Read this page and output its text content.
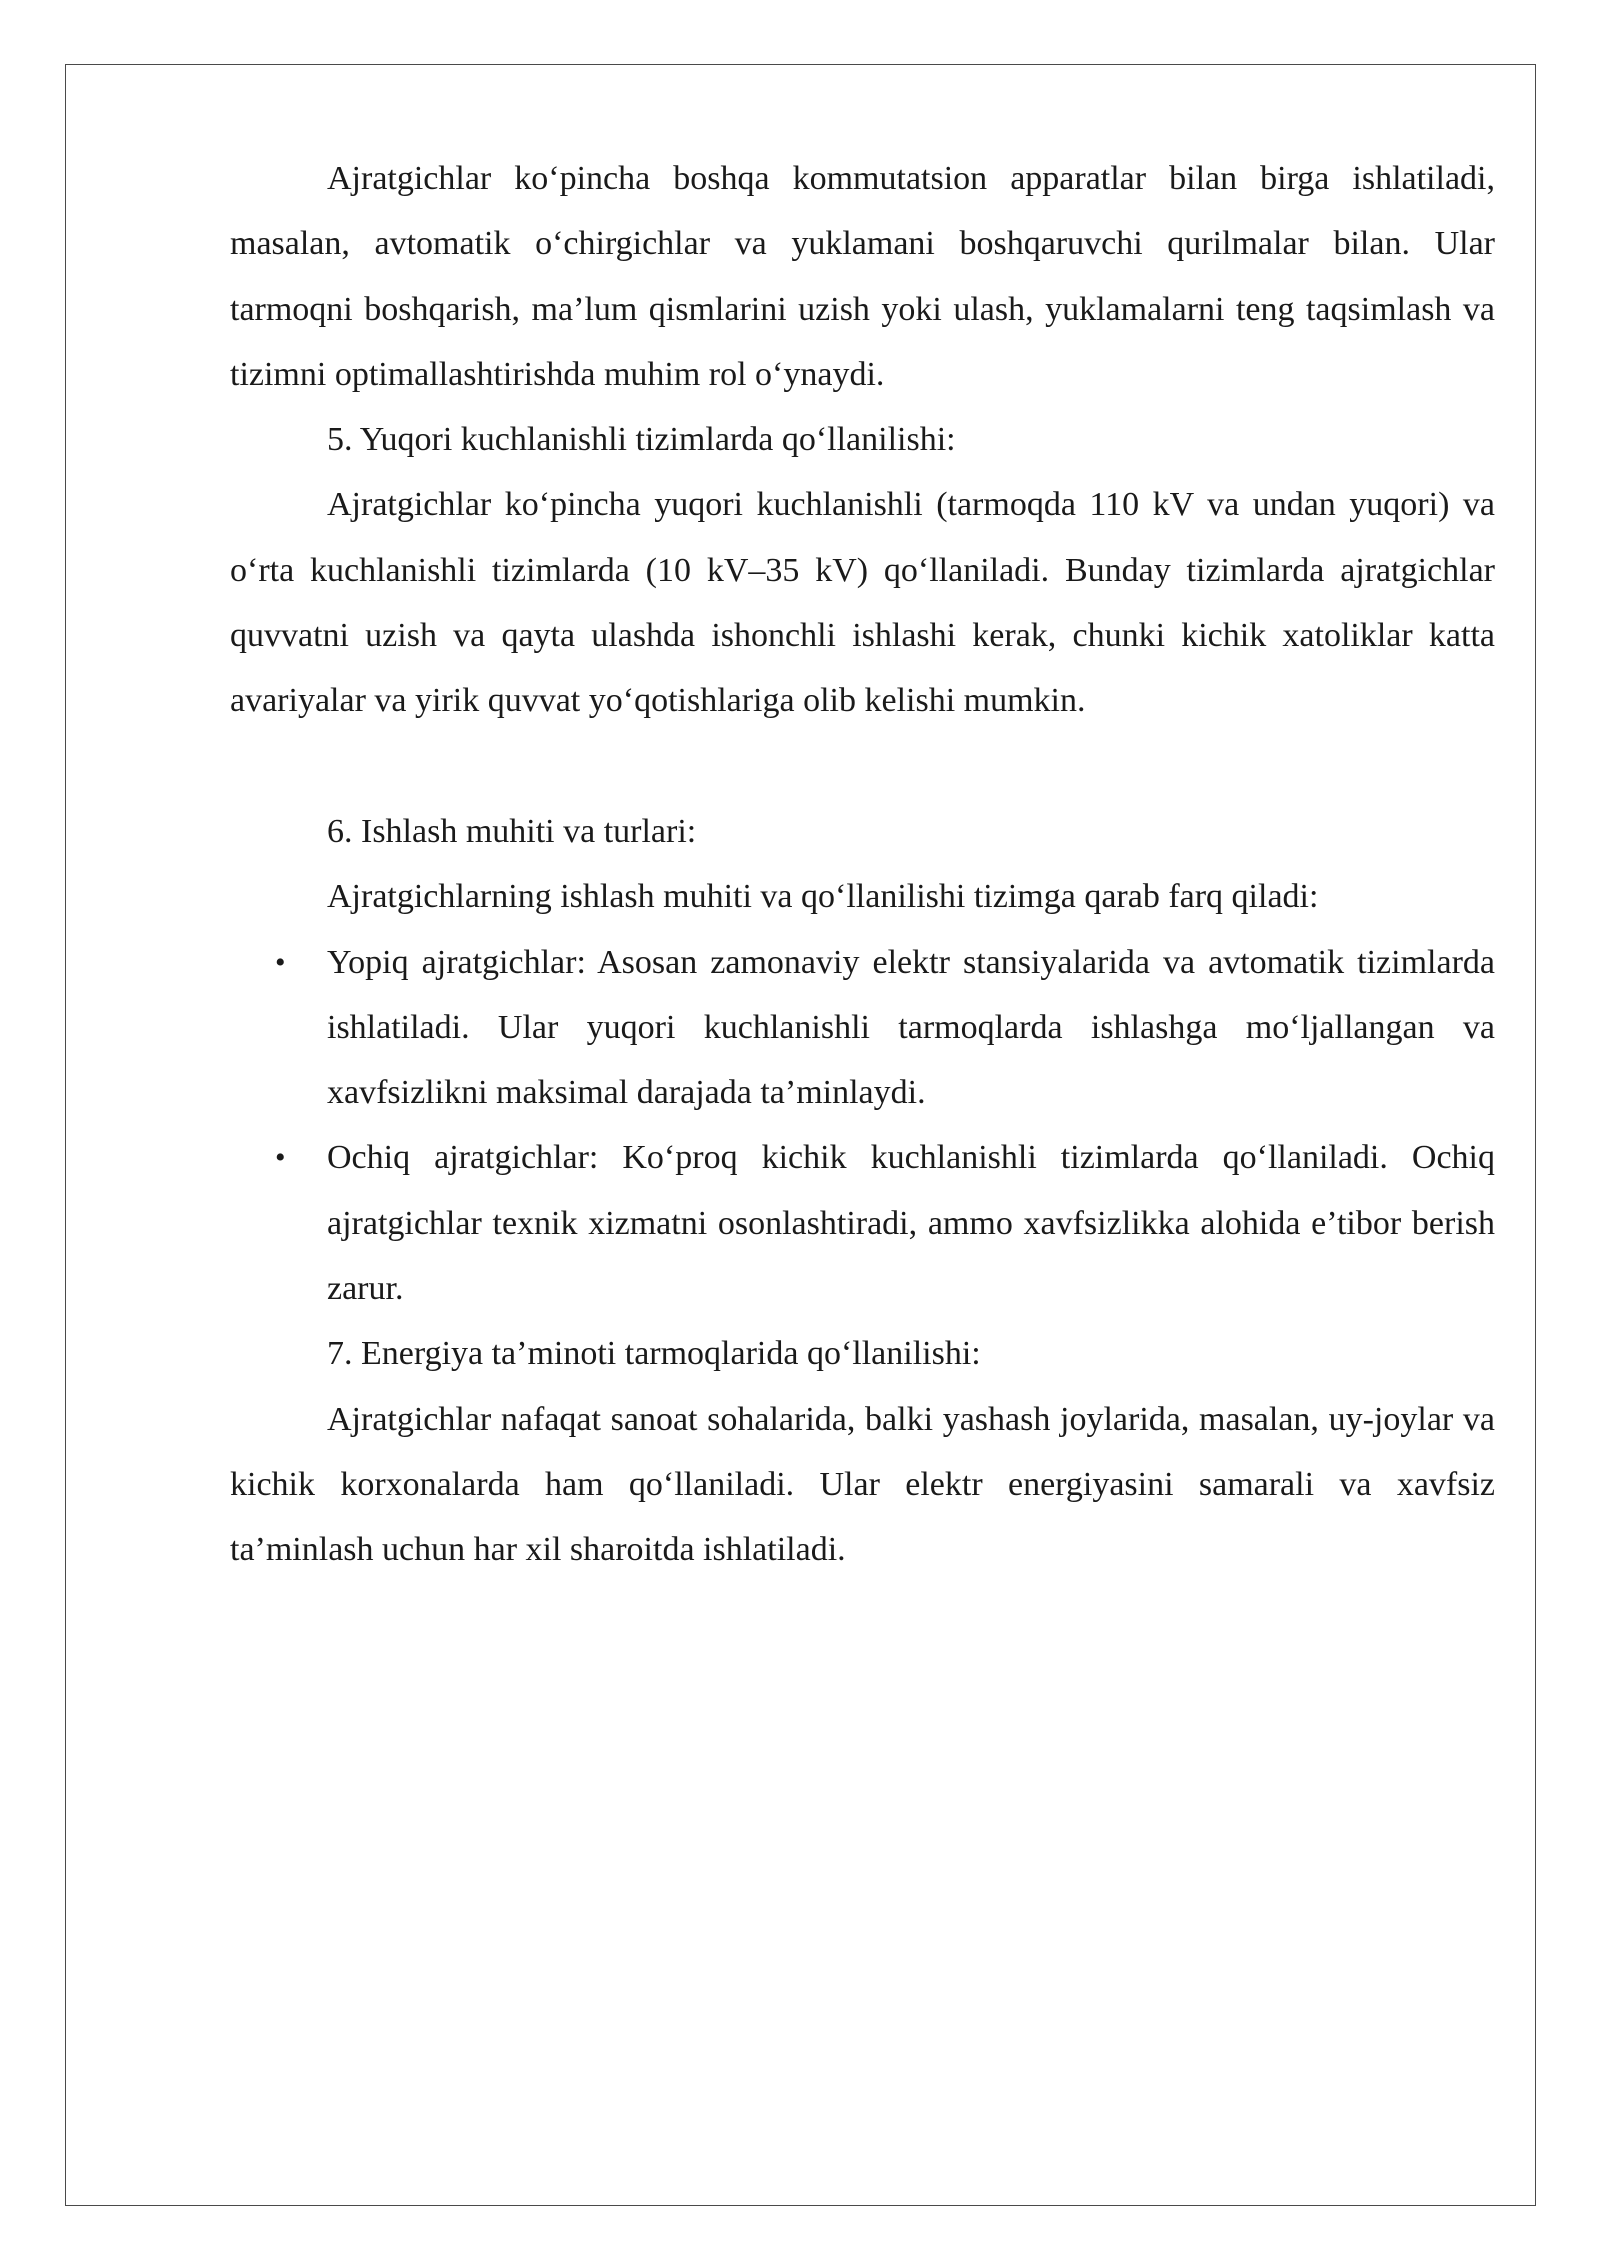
Ajratgichlar ko‘pincha boshqa kommutatsion apparatlar bilan birga ishlatiladi, masalan, avtomatik o‘chirgichlar va yuklamani boshqaruvchi qurilmalar bilan. Ular tarmoqni boshqarish, ma’lum qismlarini uzish yoki ulash, yuklamalarni teng taqsimlash va tizimni optimallashtirishda muhim rol o‘ynaydi.

5. Yuqori kuchlanishli tizimlarda qo‘llanilishi:

Ajratgichlar ko‘pincha yuqori kuchlanishli (tarmoqda 110 kV va undan yuqori) va o‘rta kuchlanishli tizimlarda (10 kV–35 kV) qo‘llaniladi. Bunday tizimlarda ajratgichlar quvvatni uzish va qayta ulashda ishonchli ishlashi kerak, chunki kichik xatoliklar katta avariyalar va yirik quvvat yo‘qotishlariga olib kelishi mumkin.

6. Ishlash muhiti va turlari:

Ajratgichlarning ishlash muhiti va qo‘llanilishi tizimga qarab farq qiladi:

• Yopiq ajratgichlar: Asosan zamonaviy elektr stansiyalarida va avtomatik tizimlarda ishlatiladi. Ular yuqori kuchlanishli tarmoqlarda ishlashga mo‘ljallangan va xavfsizlikni maksimal darajada ta’minlaydi.
• Ochiq ajratgichlar: Ko‘proq kichik kuchlanishli tizimlarda qo‘llaniladi. Ochiq ajratgichlar texnik xizmatni osonlashtiradi, ammo xavfsizlikka alohida e’tibor berish zarur.

7. Energiya ta’minoti tarmoqlarida qo‘llanilishi:

Ajratgichlar nafaqat sanoat sohalarida, balki yashash joylarida, masalan, uy-joylar va kichik korxonalarda ham qo‘llaniladi. Ular elektr energiyasini samarali va xavfsiz ta’minlash uchun har xil sharoitda ishlatiladi.
